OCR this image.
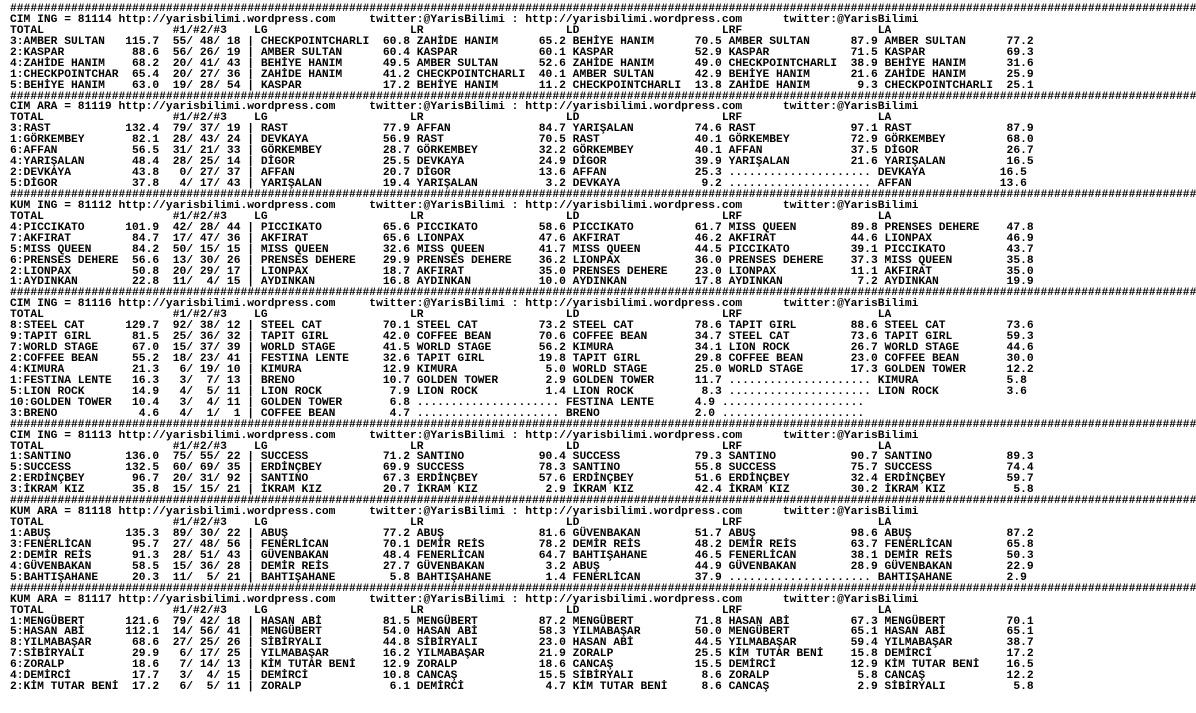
###############################################################################################################################################################################
CIM ING = 81114 http://yarisbilimi.wordpress.com     twitter:@YarisBilimi : http://yarisbilimi.wordpress.com      twitter:@YarisBilimi
TOTAL                   #1/#2/#3    LG                     LR                     LD                     LRF                    LA
3:AMBER SULTAN   115.7  55/ 48/ 18 | CHECKPOINTCHARLI  60.8 ZAHİDE HANIM      65.2 BEHİYE HANIM      70.5 AMBER SULTAN      87.9 AMBER SULTAN      77.2
2:KASPAR          88.6  56/ 26/ 19 | AMBER SULTAN      60.4 KASPAR            60.1 KASPAR            52.9 KASPAR            71.5 KASPAR            69.3
4:ZAHİDE HANIM    68.2  20/ 41/ 43 | BEHİYE HANIM      49.5 AMBER SULTAN      52.6 ZAHİDE HANIM      49.0 CHECKPOINTCHARLI  38.9 BEHİYE HANIM      31.6
1:CHECKPOINTCHAR  65.4  20/ 27/ 36 | ZAHİDE HANIM      41.2 CHECKPOINTCHARLI  40.1 AMBER SULTAN      42.9 BEHİYE HANIM      21.6 ZAHİDE HANIM      25.9
5:BEHİYE HANIM    63.0  19/ 28/ 54 | KASPAR            17.2 BEHİYE HANIM      11.2 CHECKPOINTCHARLI  13.8 ZAHİDE HANIM       9.3 CHECKPOINTCHARLI  25.1
###############################################################################################################################################################################
CIM ARA = 81119 http://yarisbilimi.wordpress.com     twitter:@YarisBilimi : http://yarisbilimi.wordpress.com      twitter:@YarisBilimi
TOTAL                   #1/#2/#3    LG                     LR                     LD                     LRF                    LA
3:RAST           132.4  79/ 37/ 19 | RAST              77.9 AFFAN             84.7 YARIŞALAN         74.6 RAST              97.1 RAST              87.9
1:GÖRKEMBEY       82.1  28/ 43/ 24 | DEVKAYA           56.9 RAST              70.5 RAST              40.1 GÖRKEMBEY         72.9 GÖRKEMBEY         68.0
6:AFFAN           56.5  31/ 21/ 33 | GÖRKEMBEY         28.7 GÖRKEMBEY         32.2 GÖRKEMBEY         40.1 AFFAN             37.5 DİGOR             26.7
4:YARIŞALAN       48.4  28/ 25/ 14 | DİGOR             25.5 DEVKAYA           24.9 DİGOR             39.9 YARIŞALAN         21.6 YARIŞALAN         16.5
2:DEVKAYA         43.8   0/ 27/ 37 | AFFAN             20.7 DİGOR             13.6 AFFAN             25.3 ..................... DEVKAYA           16.5
5:DİGOR           37.8   4/ 17/ 43 | YARIŞALAN         19.4 YARIŞALAN          3.2 DEVKAYA            9.2 ..................... AFFAN             13.6
###############################################################################################################################################################################
KUM ING = 81112 http://yarisbilimi.wordpress.com     twitter:@YarisBilimi : http://yarisbilimi.wordpress.com      twitter:@YarisBilimi
TOTAL                   #1/#2/#3    LG                     LR                     LD                     LRF                    LA
4:PICCIKATO      101.9  42/ 28/ 44 | PICCIKATO         65.6 PICCIKATO         58.6 PICCIKATO         61.7 MISS QUEEN        89.8 PRENSES DEHERE    47.8
7:AKFIRAT         84.7  17/ 47/ 36 | AKFIRAT           65.6 LIONPAX           47.6 AKFIRAT           46.2 AKFIRAT           44.6 LIONPAX           46.9
5:MISS QUEEN      84.2  50/ 15/ 15 | MISS QUEEN        32.6 MISS QUEEN        41.7 MISS QUEEN        44.5 PICCIKATO         39.1 PICCIKATO         43.7
6:PRENSES DEHERE  56.6  13/ 30/ 26 | PRENSES DEHERE    29.9 PRENSES DEHERE    36.2 LIONPAX           36.0 PRENSES DEHERE    37.3 MISS QUEEN        35.8
2:LIONPAX         50.8  20/ 29/ 17 | LIONPAX           18.7 AKFIRAT           35.0 PRENSES DEHERE    23.0 LIONPAX           11.1 AKFIRAT           35.0
1:AYDINKAN        22.8  11/  4/ 15 | AYDINKAN          16.8 AYDINKAN          10.0 AYDINKAN          17.8 AYDINKAN           7.2 AYDINKAN          19.9
###############################################################################################################################################################################
CIM ING = 81116 http://yarisbilimi.wordpress.com     twitter:@YarisBilimi : http://yarisbilimi.wordpress.com      twitter:@YarisBilimi
TOTAL                   #1/#2/#3    LG                     LR                     LD                     LRF                    LA
8:STEEL CAT      129.7  92/ 38/ 12 | STEEL CAT         70.1 STEEL CAT         73.2 STEEL CAT         78.6 TAPIT GIRL        88.6 STEEL CAT         73.6
9:TAPIT GIRL      81.5  25/ 36/ 32 | TAPIT GIRL        42.0 COFFEE BEAN       70.6 COFFEE BEAN       34.7 STEEL CAT         73.6 TAPIT GIRL        59.3
7:WORLD STAGE     67.0  15/ 37/ 39 | WORLD STAGE       41.5 WORLD STAGE       56.2 KIMURA            34.1 LION ROCK         26.7 WORLD STAGE       44.6
2:COFFEE BEAN     55.2  18/ 23/ 41 | FESTINA LENTE     32.6 TAPIT GIRL        19.8 TAPIT GIRL        29.8 COFFEE BEAN       23.0 COFFEE BEAN       30.0
4:KIMURA          21.3   6/ 19/ 10 | KIMURA            12.9 KIMURA             5.0 WORLD STAGE       25.0 WORLD STAGE       17.3 GOLDEN TOWER      12.2
1:FESTINA LENTE   16.3   3/  7/ 13 | BRENO             10.7 GOLDEN TOWER       2.9 GOLDEN TOWER      11.7 ..................... KIMURA             5.8
5:LION ROCK       14.9   4/  5/ 11 | LION ROCK          7.9 LION ROCK          1.4 LION ROCK          8.3 ..................... LION ROCK          3.6
10:GOLDEN TOWER   10.4   3/  4/ 11 | GOLDEN TOWER       6.8 ..................... FESTINA LENTE      4.9 .....................
3:BRENO            4.6   4/  1/  1 | COFFEE BEAN        4.7 ..................... BRENO              2.0 .....................
###############################################################################################################################################################################
CIM ING = 81113 http://yarisbilimi.wordpress.com     twitter:@YarisBilimi : http://yarisbilimi.wordpress.com      twitter:@YarisBilimi
TOTAL                   #1/#2/#3    LG                     LR                     LD                     LRF                    LA
1:SANTINO        136.0  75/ 55/ 22 | SUCCESS           71.2 SANTINO           90.4 SUCCESS           79.3 SANTINO           90.7 SANTINO           89.3
5:SUCCESS        132.5  60/ 69/ 35 | ERDİNÇBEY         69.9 SUCCESS           78.3 SANTINO           55.8 SUCCESS           75.7 SUCCESS           74.4
2:ERDİNÇBEY       96.7  20/ 31/ 92 | SANTINO           67.3 ERDİNÇBEY         57.6 ERDİNÇBEY         51.6 ERDİNÇBEY         32.4 ERDİNÇBEY         59.7
3:İKRAM KIZ       35.8  15/ 15/ 21 | İKRAM KIZ         20.7 İKRAM KIZ          2.9 İKRAM KIZ         42.4 İKRAM KIZ         30.2 İKRAM KIZ          5.8
###############################################################################################################################################################################
KUM ARA = 81118 http://yarisbilimi.wordpress.com     twitter:@YarisBilimi : http://yarisbilimi.wordpress.com      twitter:@YarisBilimi
TOTAL                   #1/#2/#3    LG                     LR                     LD                     LRF                    LA
1:ABUŞ           135.3  89/ 30/ 22 | ABUŞ              77.2 ABUŞ              81.6 GÜVENBAKAN        51.7 ABUŞ              98.6 ABUŞ              87.2
3:FENERLİCAN      95.7  27/ 48/ 56 | FENERLİCAN        70.1 DEMİR REİS        78.2 DEMİR REİS        48.2 DEMİR REİS        63.7 FENERLİCAN        65.8
2:DEMİR REİS      91.3  28/ 51/ 43 | GÜVENBAKAN        48.4 FENERLİCAN        64.7 BAHTIŞAHANE       46.5 FENERLİCAN        38.1 DEMİR REİS        50.3
4:GÜVENBAKAN      58.5  15/ 36/ 28 | DEMİR REİS        27.7 GÜVENBAKAN         3.2 ABUŞ              44.9 GÜVENBAKAN        28.9 GÜVENBAKAN        22.9
5:BAHTIŞAHANE     20.3  11/  5/ 21 | BAHTIŞAHANE        5.8 BAHTIŞAHANE        1.4 FENERLİCAN        37.9 ..................... BAHTIŞAHANE        2.9
###############################################################################################################################################################################
KUM ARA = 81117 http://yarisbilimi.wordpress.com     twitter:@YarisBilimi : http://yarisbilimi.wordpress.com      twitter:@YarisBilimi
TOTAL                   #1/#2/#3    LG                     LR                     LD                     LRF                    LA
1:MENGÜBERT      121.6  79/ 42/ 18 | HASAN ABİ         81.5 MENGÜBERT         87.2 MENGÜBERT         71.8 HASAN ABİ         67.3 MENGÜBERT         70.1
5:HASAN ABİ      112.1  14/ 56/ 41 | MENGÜBERT         54.0 HASAN ABİ         58.3 YILMABAŞAR        50.0 MENGÜBERT         65.1 HASAN ABİ         65.1
8:YILMABAŞAR      68.6  27/ 25/ 26 | SİBİRYALI         44.8 SİBİRYALI         23.0 HASAN ABİ         44.5 YILMABAŞAR        59.4 YILMABAŞAR        38.7
7:SİBİRYALI       29.9   6/ 17/ 25 | YILMABAŞAR        16.2 YILMABAŞAR        21.9 ZORALP            25.5 KİM TUTAR BENİ    15.8 DEMİRCİ           17.2
6:ZORALP          18.6   7/ 14/ 13 | KİM TUTAR BENİ    12.9 ZORALP            18.6 CANCAŞ            15.5 DEMİRCİ           12.9 KİM TUTAR BENİ    16.5
4:DEMİRCİ         17.7   3/  4/ 15 | DEMİRCİ           10.8 CANCAŞ            15.5 SİBİRYALI          8.6 ZORALP             5.8 CANCAŞ            12.2
2:KİM TUTAR BENİ  17.2   6/  5/ 11 | ZORALP             6.1 DEMİRCİ            4.7 KİM TUTAR BENİ     8.6 CANCAŞ             2.9 SİBİRYALI          5.8
